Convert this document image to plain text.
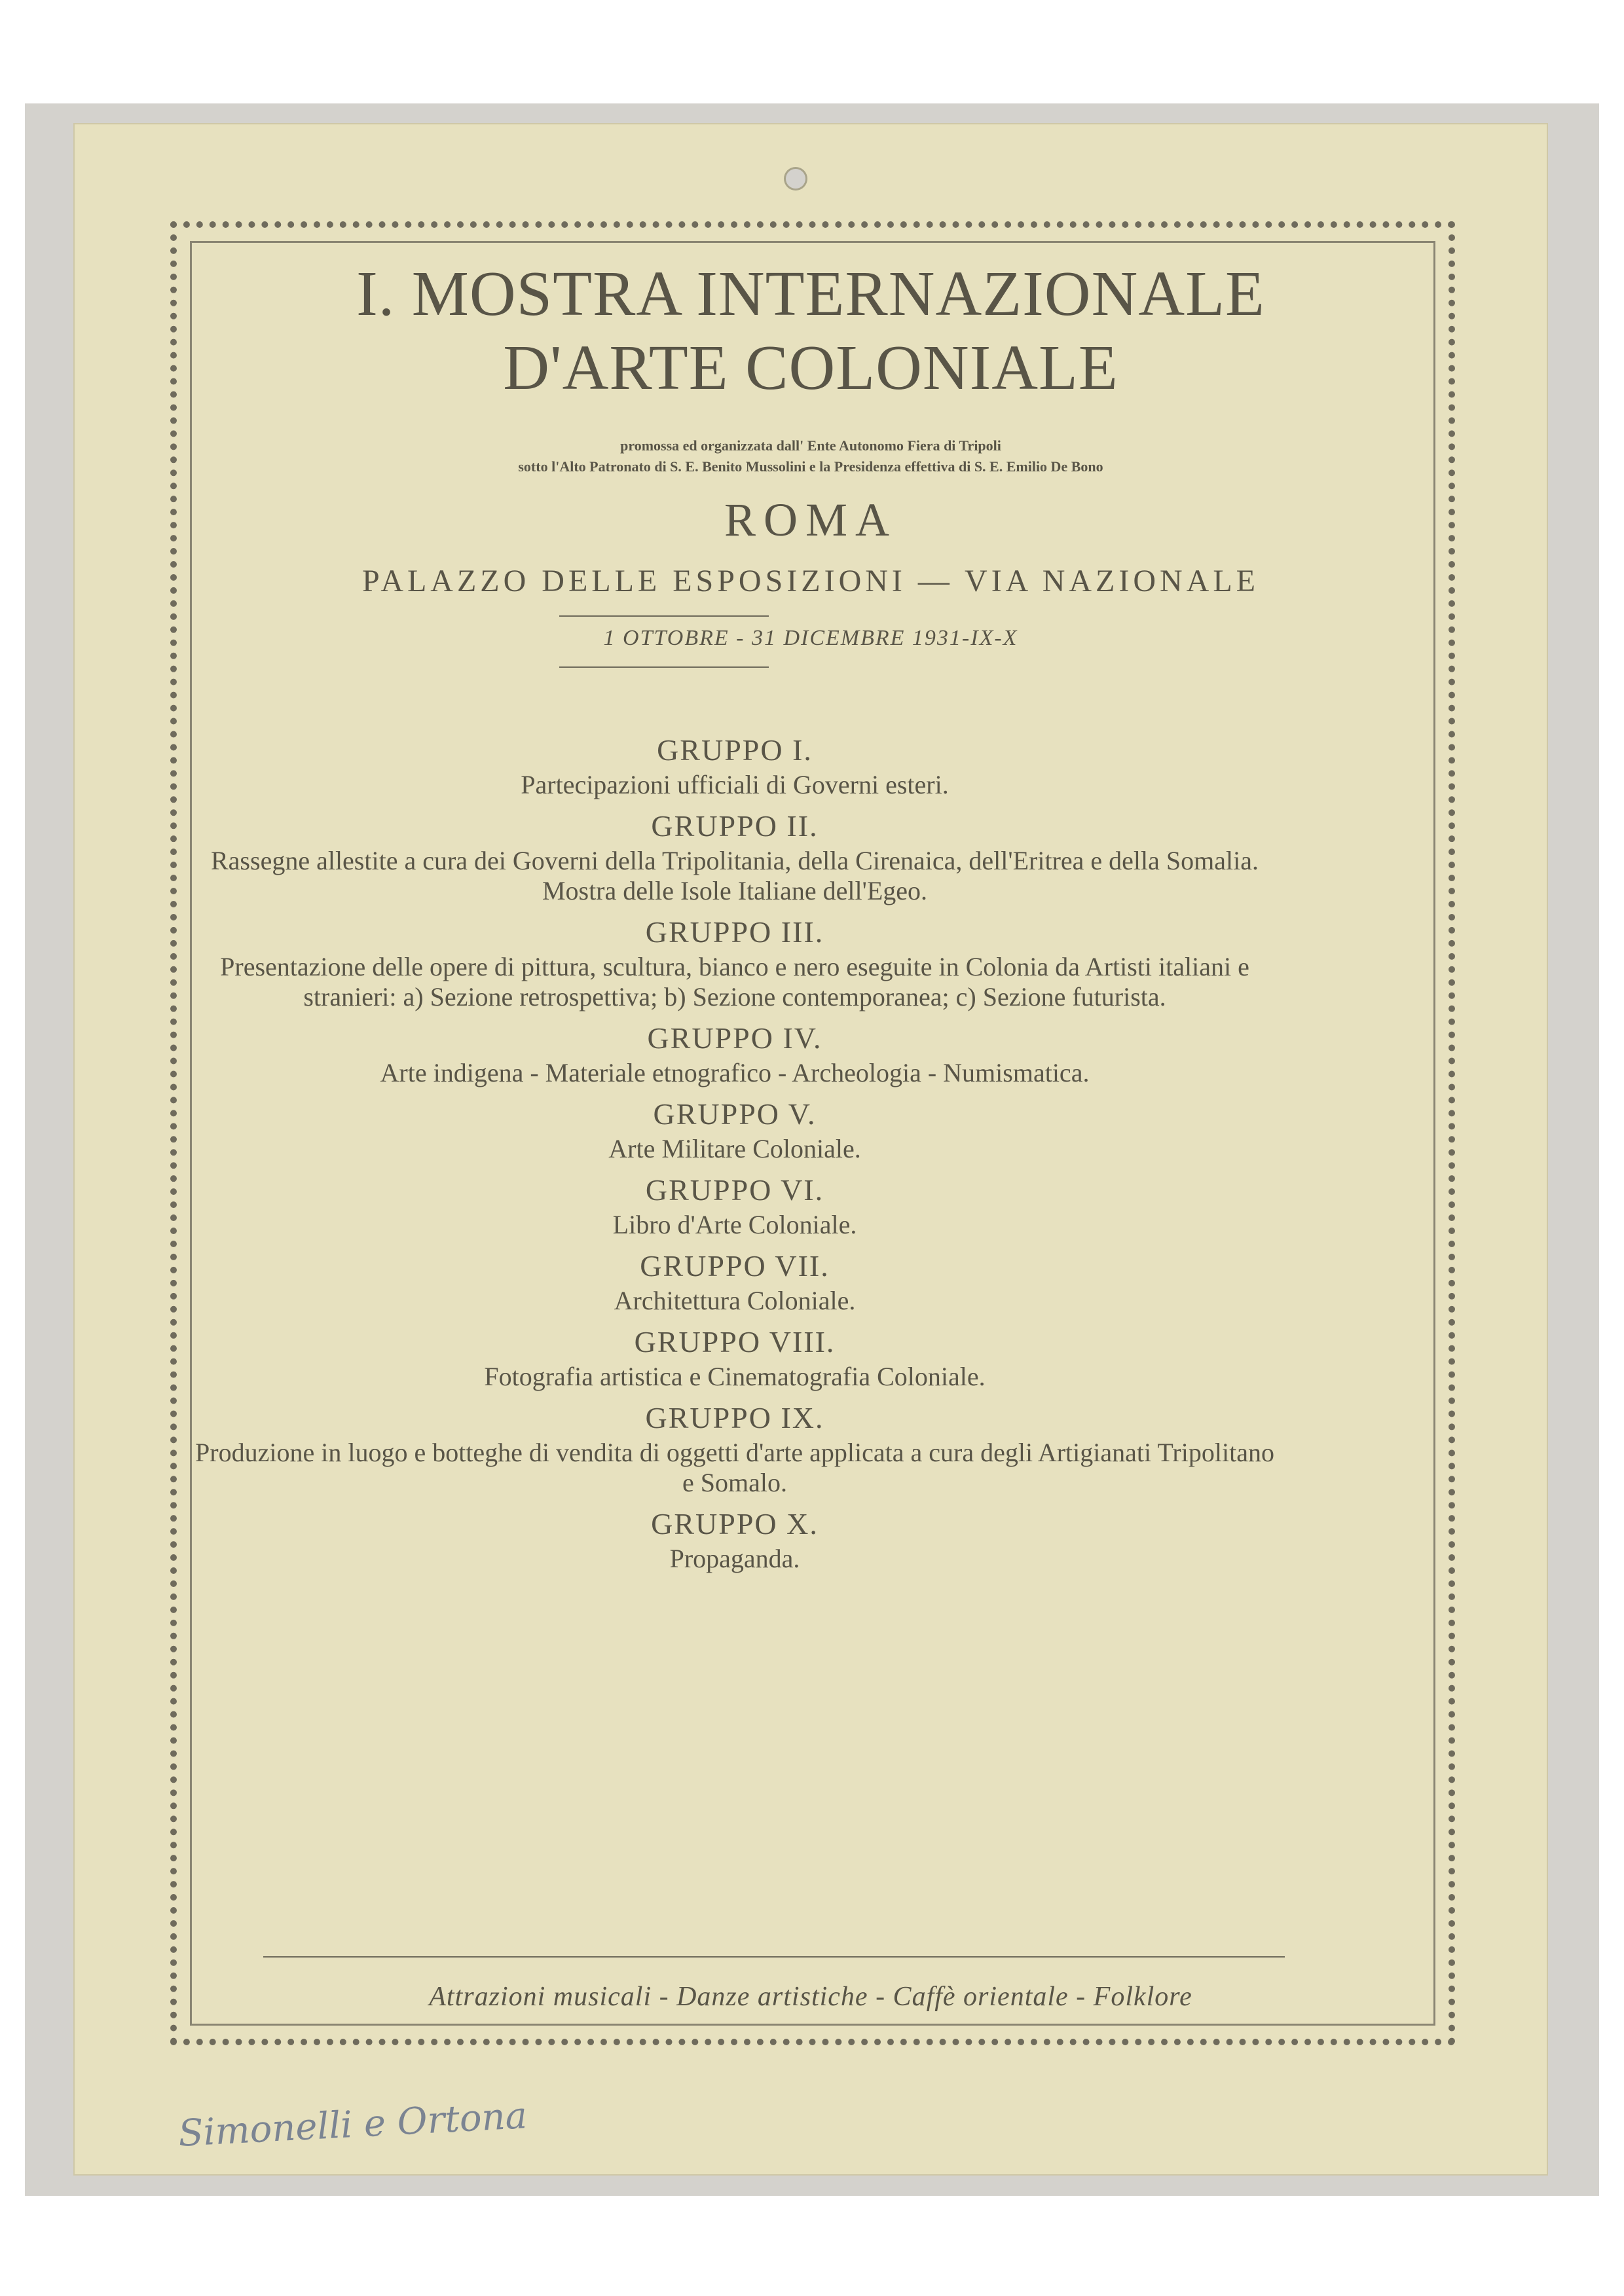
I. MOSTRA INTERNAZIONALE
D'ARTE COLONIALE
promossa ed organizzata dall' Ente Autonomo Fiera di Tripoli
sotto l'Alto Patronato di S. E. Benito Mussolini e la Presidenza effettiva di S. E. Emilio De Bono
ROMA
PALAZZO DELLE ESPOSIZIONI — VIA NAZIONALE
1 OTTOBRE - 31 DICEMBRE 1931-IX-X
GRUPPO I.

Partecipazioni ufficiali di Governi esteri.

GRUPPO II.

Rassegne allestite a cura dei Governi della Tripolitania, della Cirenaica, dell'Eritrea e della Somalia. Mostra delle Isole Italiane dell'Egeo.

GRUPPO III.

Presentazione delle opere di pittura, scultura, bianco e nero eseguite in Colonia da Artisti italiani e stranieri: a) Sezione retrospettiva; b) Sezione contemporanea; c) Sezione futurista.

GRUPPO IV.

Arte indigena - Materiale etnografico - Archeologia - Numismatica.

GRUPPO V.

Arte Militare Coloniale.

GRUPPO VI.

Libro d'Arte Coloniale.

GRUPPO VII.

Architettura Coloniale.

GRUPPO VIII.

Fotografia artistica e Cinematografia Coloniale.

GRUPPO IX.

Produzione in luogo e botteghe di vendita di oggetti d'arte applicata a cura degli Artigianati Tripolitano e Somalo.

GRUPPO X.

Propaganda.

Attrazioni musicali - Danze artistiche - Caffè orientale - Folklore
Simonelli e Ortona
